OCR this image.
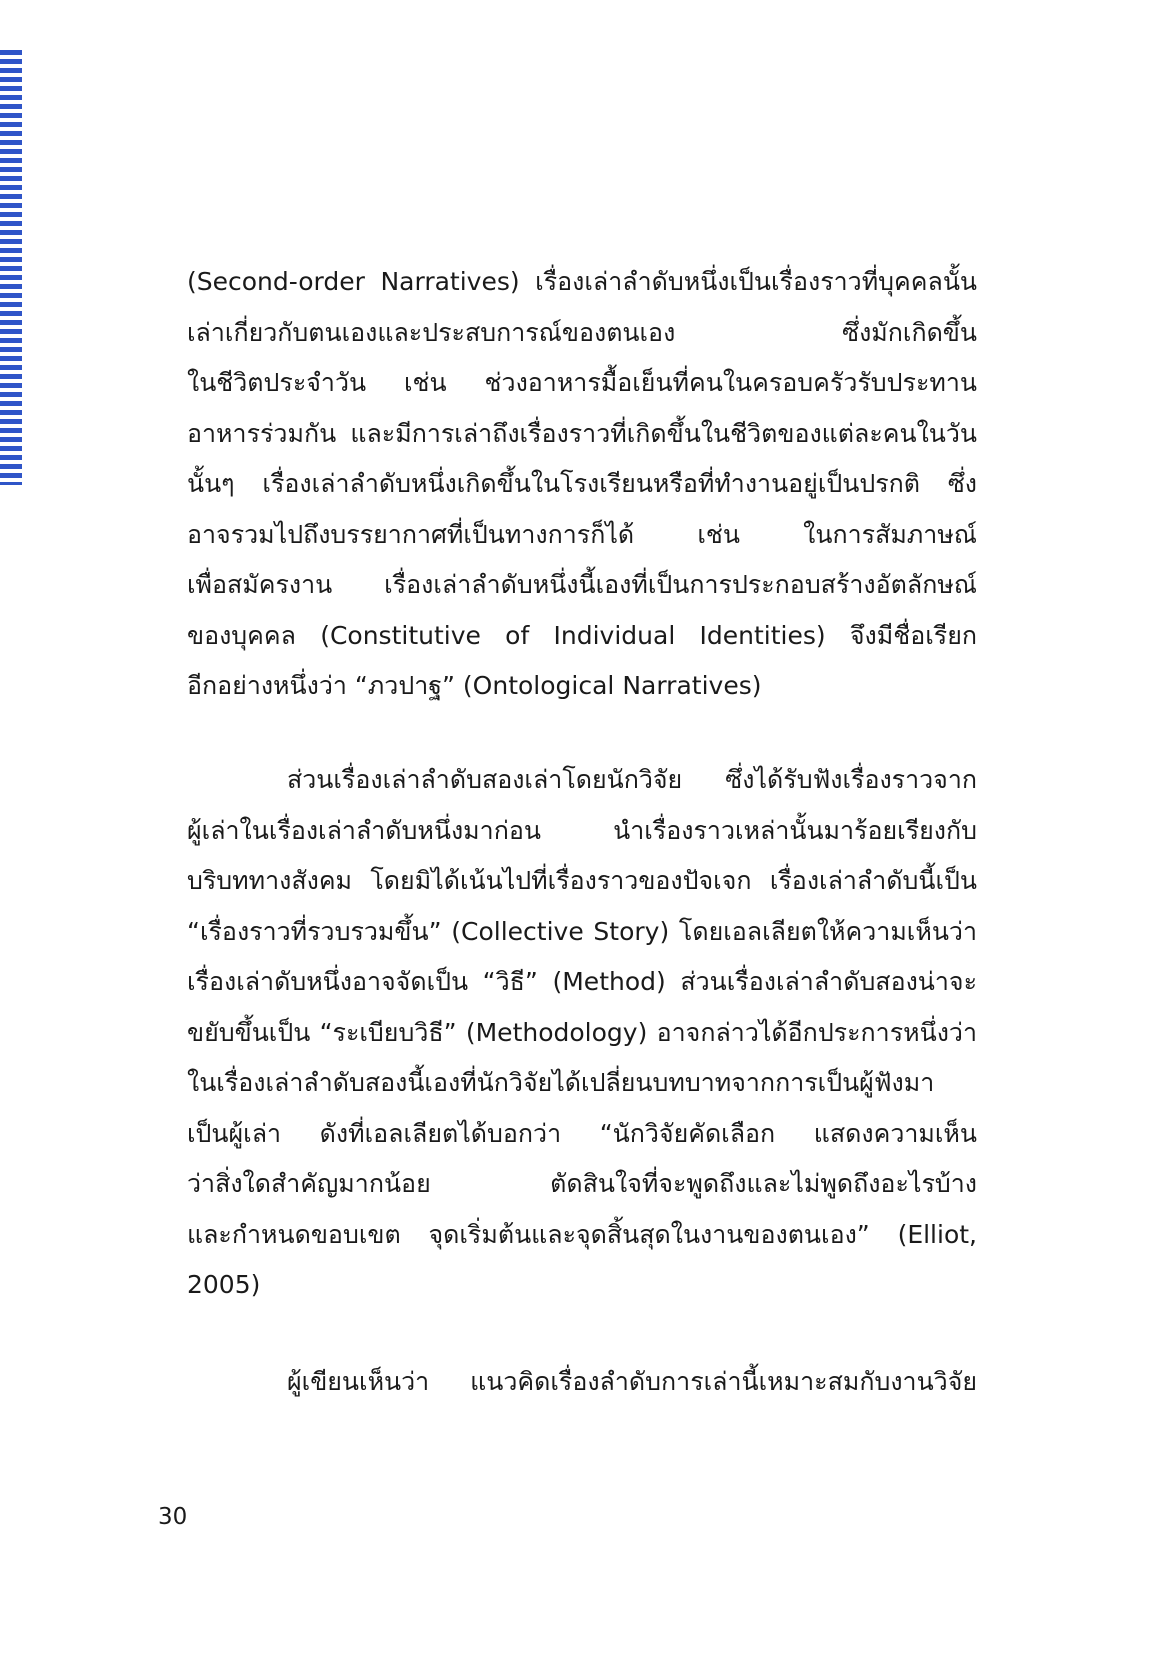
(Second-order Narratives) เรื่องเล่าลำดับหนึ่งเป็นเรื่องราวที่บุคคลนั้น
เล่าเกี่ยวกับตนเองและประสบการณ์ของตนเอง ซึ่งมักเกิดขึ้น
ในชีวิตประจำวัน เช่น ช่วงอาหารมื้อเย็นที่คนในครอบครัวรับประทาน
อาหารร่วมกัน และมีการเล่าถึงเรื่องราวที่เกิดขึ้นในชีวิตของแต่ละคนในวัน
นั้นๆ เรื่องเล่าลำดับหนึ่งเกิดขึ้นในโรงเรียนหรือที่ทำงานอยู่เป็นปรกติ ซึ่ง
อาจรวมไปถึงบรรยากาศที่เป็นทางการก็ได้ เช่น ในการสัมภาษณ์
เพื่อสมัครงาน เรื่องเล่าลำดับหนึ่งนี้เองที่เป็นการประกอบสร้างอัตลักษณ์
ของบุคคล (Constitutive of Individual Identities) จึงมีชื่อเรียก
อีกอย่างหนึ่งว่า “ภวปาฐ” (Ontological Narratives)
ส่วนเรื่องเล่าลำดับสองเล่าโดยนักวิจัย ซึ่งได้รับฟังเรื่องราวจาก
ผู้เล่าในเรื่องเล่าลำดับหนึ่งมาก่อน นำเรื่องราวเหล่านั้นมาร้อยเรียงกับ
บริบททางสังคม โดยมิได้เน้นไปที่เรื่องราวของปัจเจก เรื่องเล่าลำดับนี้เป็น
“เรื่องราวที่รวบรวมขึ้น” (Collective Story) โดยเอลเลียตให้ความเห็นว่า
เรื่องเล่าดับหนึ่งอาจจัดเป็น “วิธี” (Method) ส่วนเรื่องเล่าลำดับสองน่าจะ
ขยับขึ้นเป็น “ระเบียบวิธี” (Methodology) อาจกล่าวได้อีกประการหนึ่งว่า
ในเรื่องเล่าลำดับสองนี้เองที่นักวิจัยได้เปลี่ยนบทบาทจากการเป็นผู้ฟังมา
เป็นผู้เล่า ดังที่เอลเลียตได้บอกว่า “นักวิจัยคัดเลือก แสดงความเห็น
ว่าสิ่งใดสำคัญมากน้อย ตัดสินใจที่จะพูดถึงและไม่พูดถึงอะไรบ้าง
และกำหนดขอบเขต จุดเริ่มต้นและจุดสิ้นสุดในงานของตนเอง” (Elliot,
2005)
ผู้เขียนเห็นว่า แนวคิดเรื่องลำดับการเล่านี้เหมาะสมกับงานวิจัย
30
